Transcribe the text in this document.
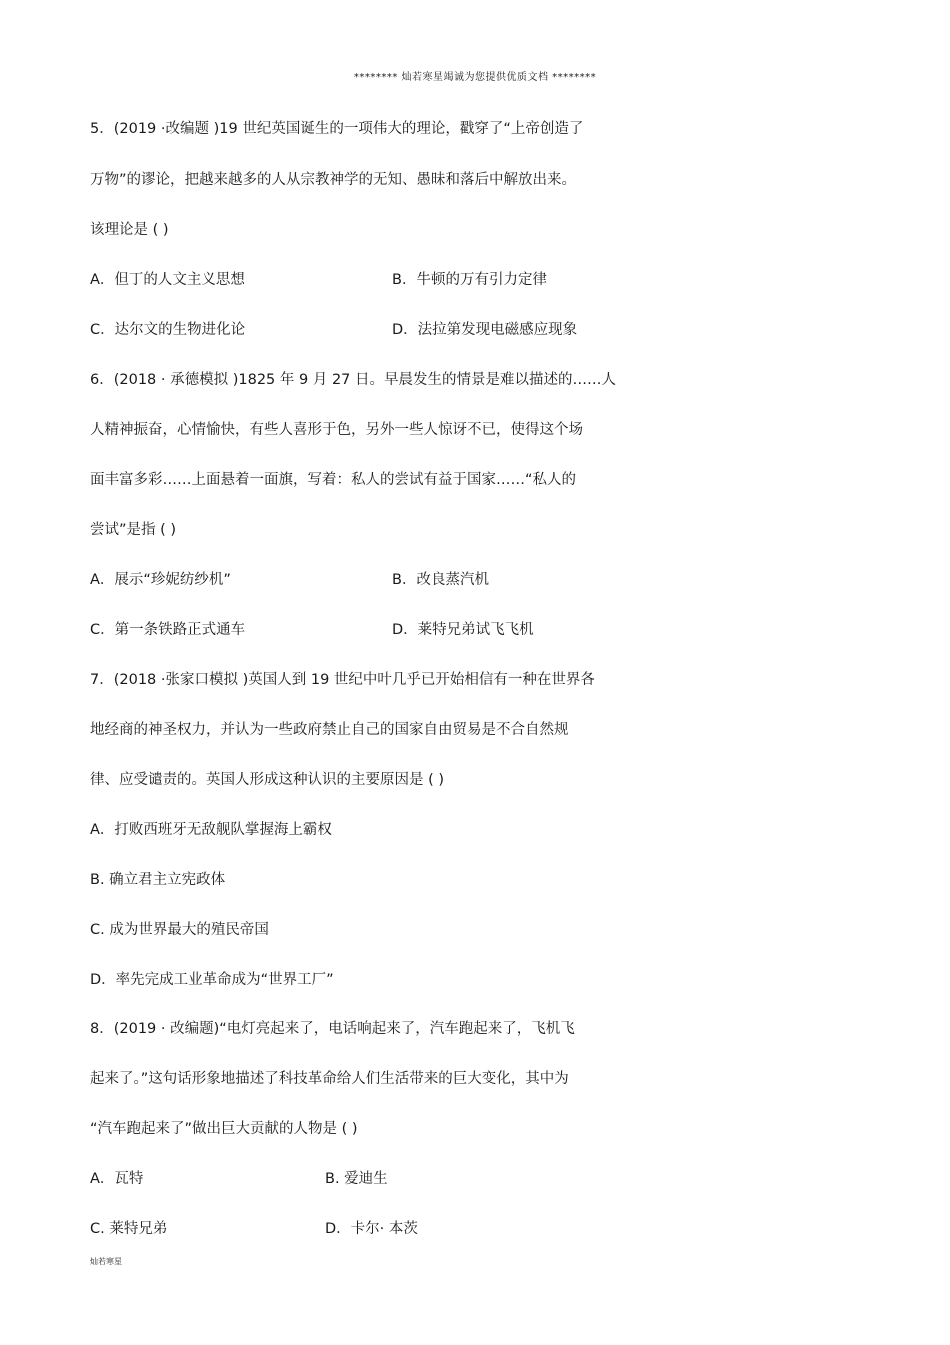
******** 灿若寒星竭诚为您提供优质文档 ********
5．(2019 ·改编题 )19 世纪英国诞生的一项伟大的理论，戳穿了“上帝创造了
万物”的谬论，把越来越多的人从宗教神学的无知、愚昧和落后中解放出来。
该理论是 ( )
A．但丁的人文主义思想	B．牛顿的万有引力定律
C．达尔文的生物进化论	D．法拉第发现电磁感应现象
6．(2018 · 承德模拟 )1825 年 9 月 27 日。早晨发生的情景是难以描述的……人
人精神振奋，心情愉快，有些人喜形于色，另外一些人惊讶不已，使得这个场
面丰富多彩……上面悬着一面旗，写着：私人的尝试有益于国家……“私人的
尝试”是指 ( )
A．展示“珍妮纺纱机”	B．改良蒸汽机
C．第一条铁路正式通车	D．莱特兄弟试飞飞机
7．(2018 ·张家口模拟 )英国人到 19 世纪中叶几乎已开始相信有一种在世界各
地经商的神圣权力，并认为一些政府禁止自己的国家自由贸易是不合自然规
律、应受谴责的。英国人形成这种认识的主要原因是 ( )
A．打败西班牙无敌舰队掌握海上霸权
B. 确立君主立宪政体
C. 成为世界最大的殖民帝国
D．率先完成工业革命成为“世界工厂”
8．(2019 · 改编题)“电灯亮起来了，电话响起来了，汽车跑起来了，飞机飞
起来了。”这句话形象地描述了科技革命给人们生活带来的巨大变化，其中为
“汽车跑起来了”做出巨大贡献的人物是 ( )
A．瓦特	B. 爱迪生
C. 莱特兄弟	D．卡尔· 本茨
灿若寒星
